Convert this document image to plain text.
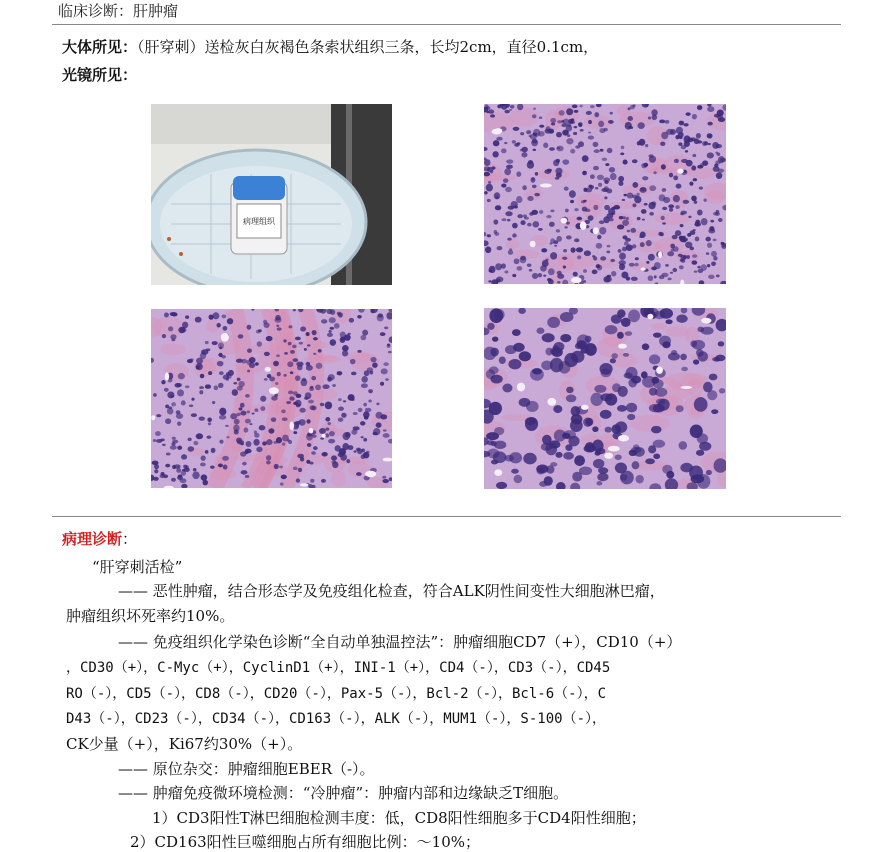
临床诊断：肝肿瘤
大体所见：（肝穿刺）送检灰白灰褐色条索状组织三条，长均2cm，直径0.1cm，
光镜所见：
病理组织
病理诊断：
“肝穿刺活检”
—— 恶性肿瘤，结合形态学及免疫组化检查，符合ALK阴性间变性大细胞淋巴瘤，
肿瘤组织坏死率约10%。
—— 免疫组织化学染色诊断“全自动单独温控法”：肿瘤细胞CD7（+），CD10（+）
，CD30（+），C-Myc（+），CyclinD1（+），INI-1（+），CD4（-），CD3（-），CD45
RO（-），CD5（-），CD8（-），CD20（-），Pax-5（-），Bcl-2（-），Bcl-6（-），C
D43（-），CD23（-），CD34（-），CD163（-），ALK（-），MUM1（-），S-100（-），
CK少量（+），Ki67约30%（+）。
—— 原位杂交：肿瘤细胞EBER（-）。
—— 肿瘤免疫微环境检测：“冷肿瘤”：肿瘤内部和边缘缺乏T细胞。
1）CD3阳性T淋巴细胞检测丰度：低，CD8阳性细胞多于CD4阳性细胞；
2）CD163阳性巨噬细胞占所有细胞比例：～10%；
